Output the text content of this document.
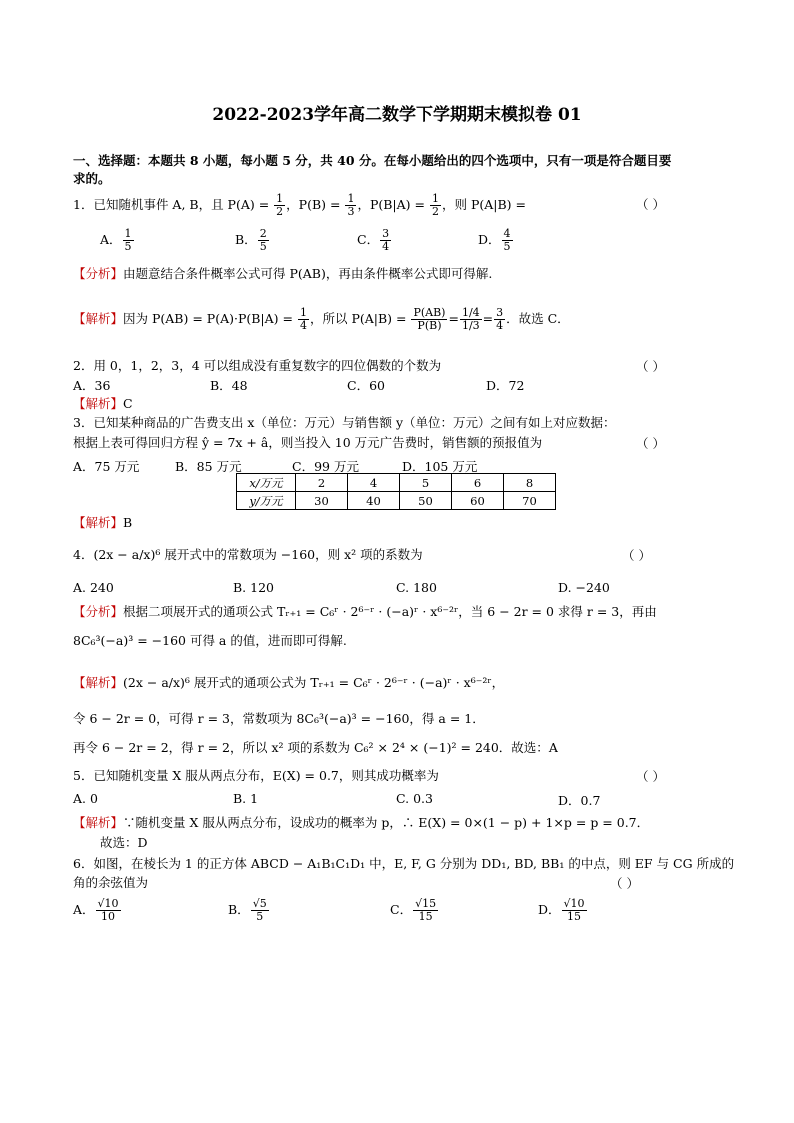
2022-2023学年高二数学下学期期末模拟卷 01
一、选择题：本题共 8 小题，每小题 5 分，共 40 分。在每小题给出的四个选项中，只有一项是符合题目要
求的。
1．已知随机事件 A, B，且 $P(A) = \frac{1}{2}$ ，$P(B) = \frac{1}{3}$ ，$P(B|A) = \frac{1}{2}$ ，则 P(A|B) =	（ ）
A． $\frac{1}{5}$	B． $\frac{2}{5}$	C． $\frac{3}{4}$	D． $\frac{4}{5}$
【分析】由题意结合条件概率公式可得 P(AB)，再由条件概率公式即可得解.
【解析】因为 $P(AB) = P(A)\cdot P(B|A) = \frac{1}{4}$ ，所以 $P(A|B) = \frac{P(AB)}{P(B)} = \frac{1/4}{1/3} = \frac{3}{4}$ ．故选 C．
2．用 0，1，2，3，4 可以组成没有重复数字的四位偶数的个数为	（ ）
A．36	B．48	C．60	D．72
【解析】C
3．已知某种商品的广告费支出 x（单位：万元）与销售额 y（单位：万元）之间有如上对应数据：
根据上表可得回归方程 ŷ = 7x + â，则当投入 10 万元广告费时，销售额的预报值为	（ ）
A．75 万元	B．85 万元	C．99 万元	D．105 万元
x/万元	2	4	5	6	8
y/万元	30	40	50	60	70
【解析】B
4．(2x − a/x)⁶ 展开式中的常数项为 −160，则 x² 项的系数为	（ ）
A. 240	B. 120	C. 180	D. −240
【分析】根据二项展开式的通项公式 Tᵣ₊₁ = C₆ʳ · 2⁶⁻ʳ · (−a)ʳ · x⁶⁻²ʳ，当 6 − 2r = 0 求得 r = 3，再由
8C₆³(−a)³ = −160 可得 a 的值，进而即可得解.
【解析】(2x − a/x)⁶ 展开式的通项公式为 Tᵣ₊₁ = C₆ʳ · 2⁶⁻ʳ · (−a)ʳ · x⁶⁻²ʳ，
令 6 − 2r = 0，可得 r = 3，常数项为 8C₆³(−a)³ = −160，得 a = 1．
再令 6 − 2r = 2，得 r = 2，所以 x² 项的系数为 C₆² × 2⁴ × (−1)² = 240．故选：A
5．已知随机变量 X 服从两点分布，E(X) = 0.7，则其成功概率为	（ ）
A. 0	B. 1	C. 0.3	D．0.7
【解析】∵随机变量 X 服从两点分布，设成功的概率为 p，∴ E(X) = 0×(1 − p) + 1×p = p = 0.7．
故选：D
6．如图，在棱长为 1 的正方体 ABCD − A₁B₁C₁D₁ 中，E, F, G 分别为 DD₁, BD, BB₁ 的中点，则 EF 与 CG 所成的
角的余弦值为	（ ）
A． $\frac{√10}{10}$	B． $\frac{√5}{5}$	C． $\frac{√15}{15}$	D． $\frac{√10}{15}$
